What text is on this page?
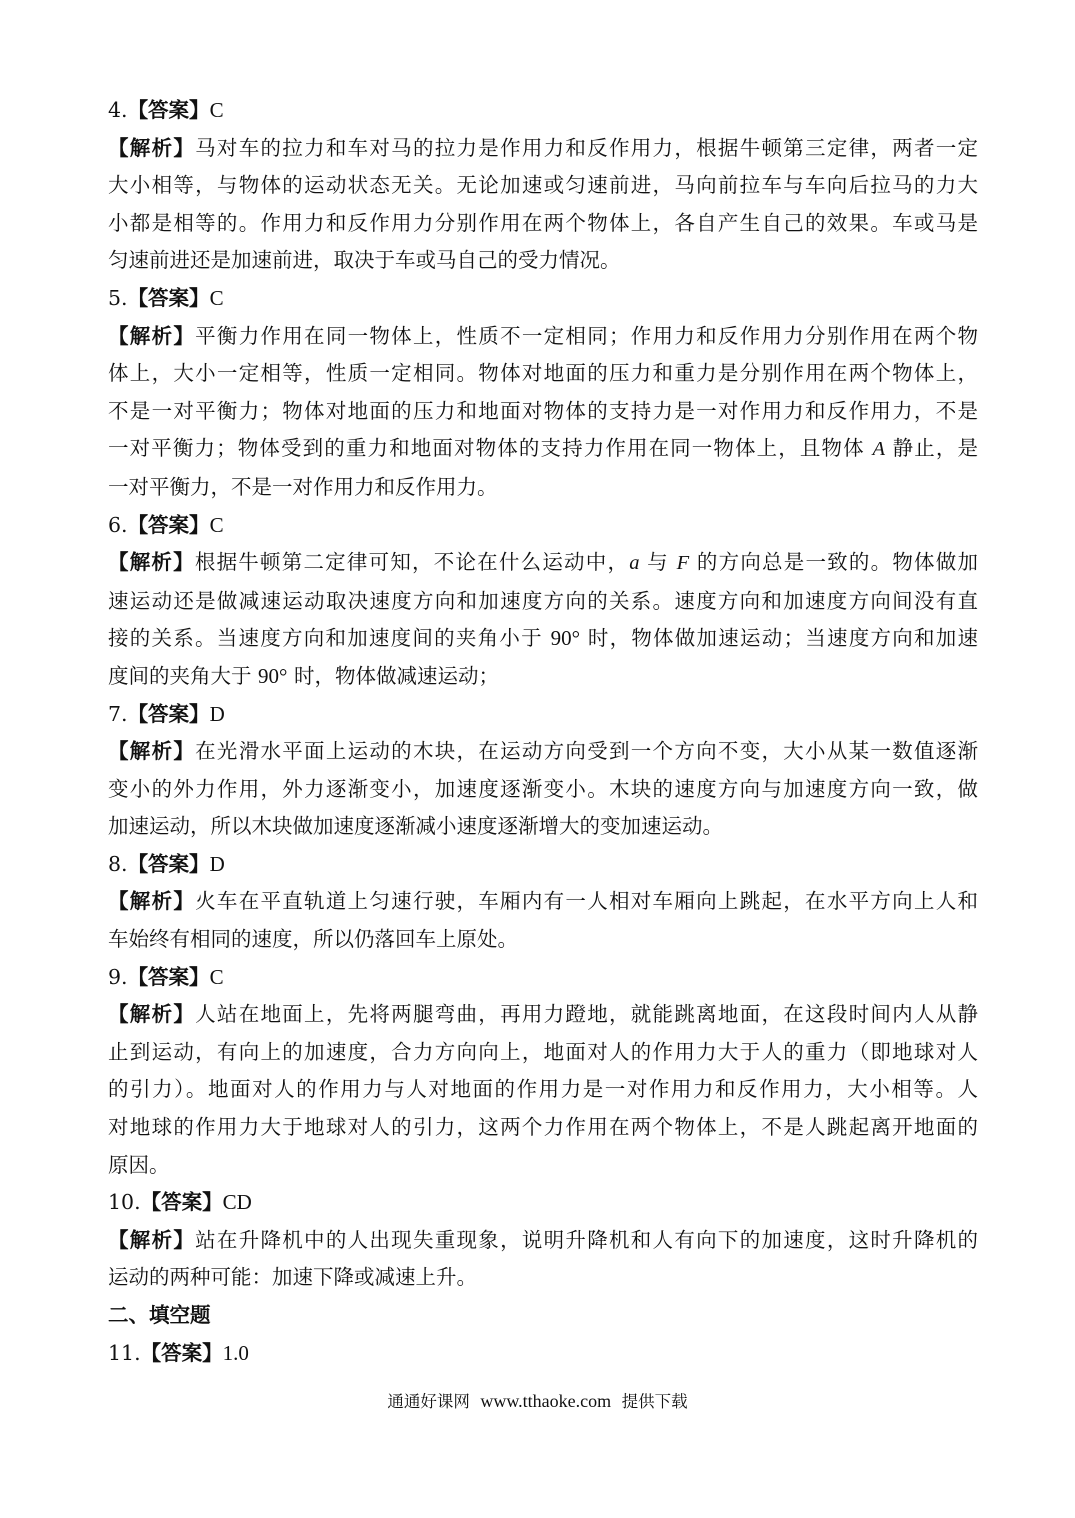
4.【答案】C
【解析】马对车的拉力和车对马的拉力是作用力和反作用力，根据牛顿第三定律，两者一定
大小相等，与物体的运动状态无关。无论加速或匀速前进，马向前拉车与车向后拉马的力大
小都是相等的。作用力和反作用力分别作用在两个物体上，各自产生自己的效果。车或马是
匀速前进还是加速前进，取决于车或马自己的受力情况。
5.【答案】C
【解析】平衡力作用在同一物体上，性质不一定相同；作用力和反作用力分别作用在两个物
体上，大小一定相等，性质一定相同。物体对地面的压力和重力是分别作用在两个物体上，
不是一对平衡力；物体对地面的压力和地面对物体的支持力是一对作用力和反作用力，不是
一对平衡力；物体受到的重力和地面对物体的支持力作用在同一物体上，且物体 A 静止，是
一对平衡力，不是一对作用力和反作用力。
6.【答案】C
【解析】根据牛顿第二定律可知，不论在什么运动中，a 与 F 的方向总是一致的。物体做加
速运动还是做减速运动取决速度方向和加速度方向的关系。速度方向和加速度方向间没有直
接的关系。当速度方向和加速度间的夹角小于 90° 时，物体做加速运动；当速度方向和加速
度间的夹角大于 90° 时，物体做减速运动；
7.【答案】D
【解析】在光滑水平面上运动的木块，在运动方向受到一个方向不变，大小从某一数值逐渐
变小的外力作用，外力逐渐变小，加速度逐渐变小。木块的速度方向与加速度方向一致，做
加速运动，所以木块做加速度逐渐减小速度逐渐增大的变加速运动。
8.【答案】D
【解析】火车在平直轨道上匀速行驶，车厢内有一人相对车厢向上跳起，在水平方向上人和
车始终有相同的速度，所以仍落回车上原处。
9.【答案】C
【解析】人站在地面上，先将两腿弯曲，再用力蹬地，就能跳离地面，在这段时间内人从静
止到运动，有向上的加速度，合力方向向上，地面对人的作用力大于人的重力（即地球对人
的引力）。地面对人的作用力与人对地面的作用力是一对作用力和反作用力，大小相等。人
对地球的作用力大于地球对人的引力，这两个力作用在两个物体上，不是人跳起离开地面的
原因。
10.【答案】CD
【解析】站在升降机中的人出现失重现象，说明升降机和人有向下的加速度，这时升降机的
运动的两种可能：加速下降或减速上升。
二、填空题
11.【答案】1.0
通通好课网 www.tthaoke.com 提供下载
